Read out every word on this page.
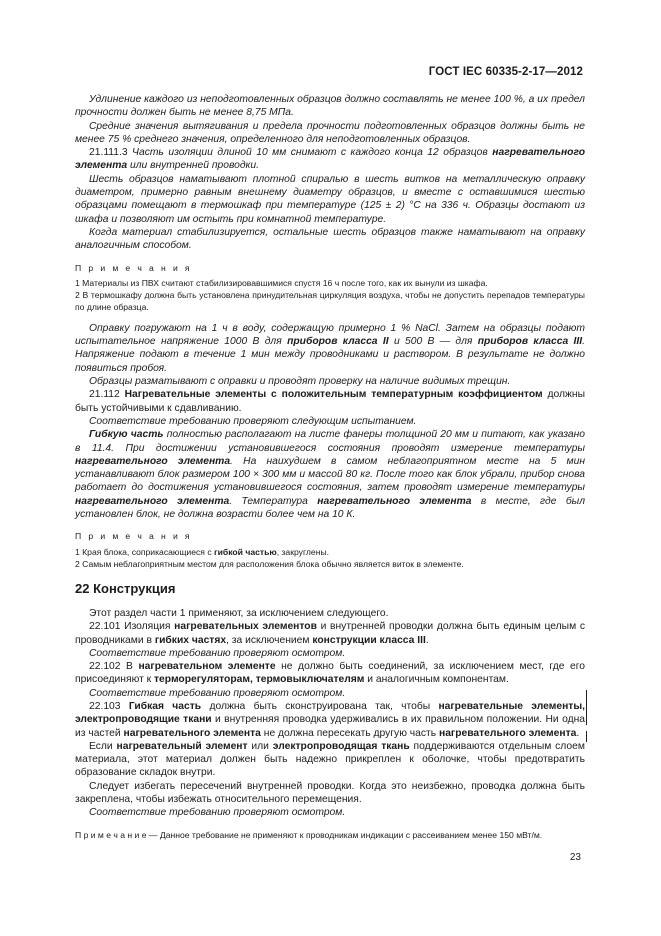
ГОСТ IEC 60335-2-17—2012

Удлинение каждого из неподготовленных образцов должно составлять не менее 100 %, а их предел прочности должен быть не менее 8,75 МПа.

Средние значения вытягивания и предела прочности подготовленных образцов должны быть не менее 75 % среднего значения, определенного для неподготовленных образцов.

21.111.3 Часть изоляции длиной 10 мм снимают с каждого конца 12 образцов нагревательного элемента или внутренней проводки.

Шесть образцов наматывают плотной спиралью в шесть витков на металлическую оправку диаметром, примерно равным внешнему диаметру образцов, и вместе с оставшимися шестью образцами помещают в термошкаф при температуре (125 ± 2) °С на 336 ч. Образцы достают из шкафа и позволяют им остыть при комнатной температуре.

Когда материал стабилизируется, остальные шесть образцов также наматывают на оправку аналогичным способом.

П р и м е ч а н и я

1 Материалы из ПВХ считают стабилизировавшимися спустя 16 ч после того, как их вынули из шкафа.

2 В термошкафу должна быть установлена принудительная циркуляция воздуха, чтобы не допустить перепадов температуры по длине образца.

Оправку погружают на 1 ч в воду, содержащую примерно 1 % NaCl. Затем на образцы подают испытательное напряжение 1000 В для приборов класса II и 500 В — для приборов класса III. Напряжение подают в течение 1 мин между проводниками и раствором. В результате не должно появиться пробоя.

Образцы разматывают с оправки и проводят проверку на наличие видимых трещин.

21.112 Нагревательные элементы с положительным температурным коэффициентом должны быть устойчивыми к сдавливанию.

Соответствие требованию проверяют следующим испытанием.

Гибкую часть полностью располагают на листе фанеры толщиной 20 мм и питают, как указано в 11.4. При достижении установившегося состояния проводят измерение температуры нагревательного элемента. На наихудшем в самом неблагоприятном месте на 5 мин устанавливают блок размером 100 × 300 мм и массой 80 кг. После того как блок убрали, прибор снова работает до достижения установившегося состояния, затем проводят измерение температуры нагревательного элемента. Температура нагревательного элемента в месте, где был установлен блок, не должна возрасти более чем на 10 К.

П р и м е ч а н и я

1 Края блока, соприкасающиеся с гибкой частью, закруглены.

2 Самым неблагоприятным местом для расположения блока обычно является виток в элементе.

22 Конструкция

Этот раздел части 1 применяют, за исключением следующего.

22.101 Изоляция нагревательных элементов и внутренней проводки должна быть единым целым с проводниками в гибких частях, за исключением конструкции класса III.

Соответствие требованию проверяют осмотром.

22.102 В нагревательном элементе не должно быть соединений, за исключением мест, где его присоединяют к терморегуляторам, термовыключателям и аналогичным компонентам.

Соответствие требованию проверяют осмотром.

22.103 Гибкая часть должна быть сконструирована так, чтобы нагревательные элементы, электропроводящие ткани и внутренняя проводка удерживались в их правильном положении. Ни одна из частей нагревательного элемента не должна пересекать другую часть нагревательного элемента.

Если нагревательный элемент или электропроводящая ткань поддерживаются отдельным слоем материала, этот материал должен быть надежно прикреплен к оболочке, чтобы предотвратить образование складок внутри.

Следует избегать пересечений внутренней проводки. Когда это неизбежно, проводка должна быть закреплена, чтобы избежать относительного перемещения.

Соответствие требованию проверяют осмотром.

П р и м е ч а н и е — Данное требование не применяют к проводникам индикации с рассеиванием менее 150 мВт/м.

23
